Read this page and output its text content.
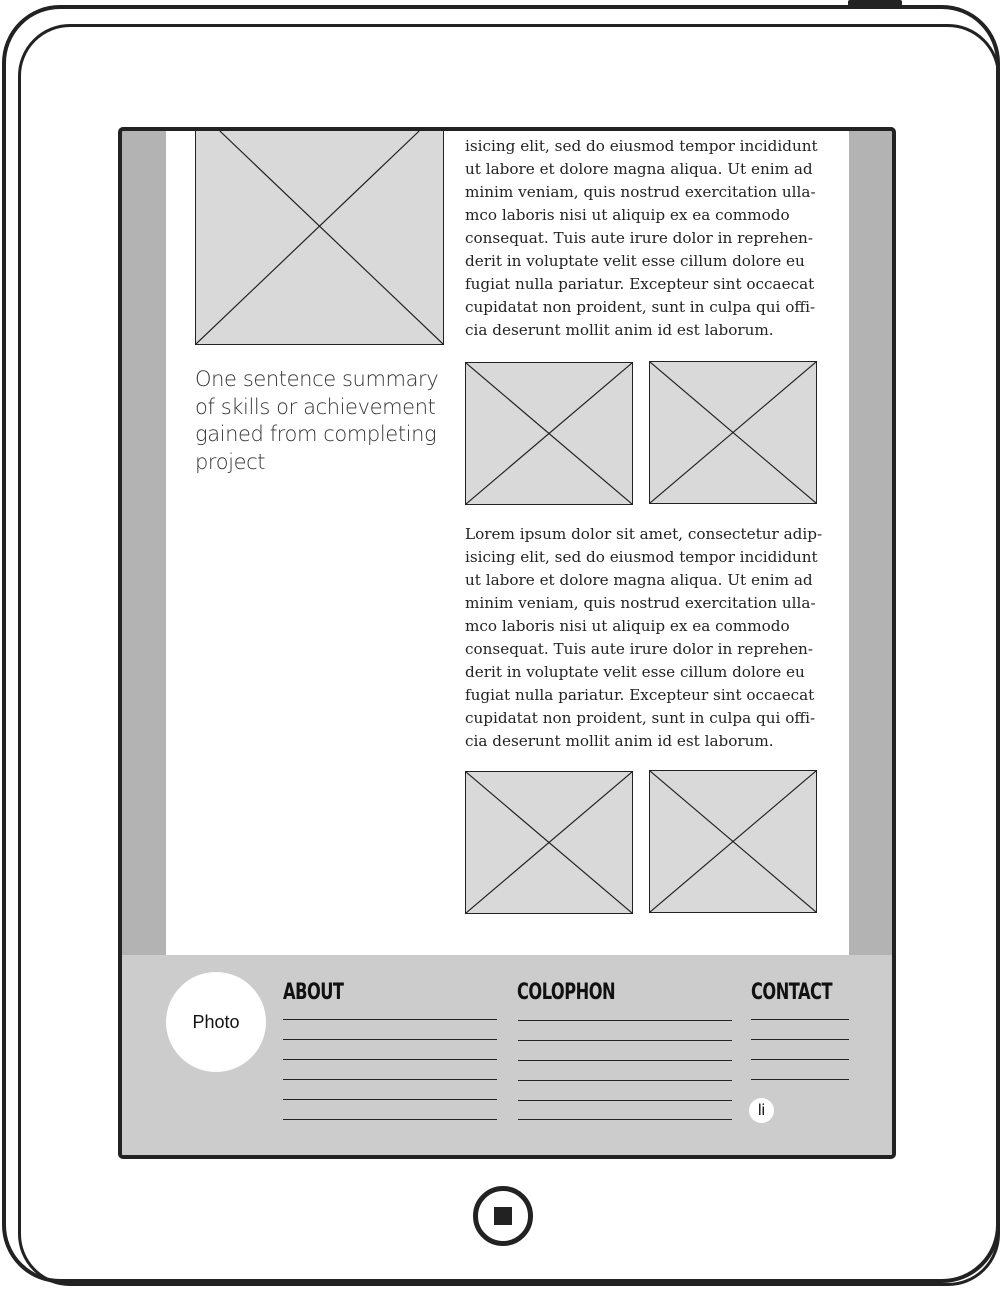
isicing elit, sed do eiusmod tempor incididunt ut labore et dolore magna aliqua. Ut enim ad minim veniam, quis nostrud exercitation ullamco laboris nisi ut aliquip ex ea commodo consequat. Tuis aute irure dolor in reprehenderit in voluptate velit esse cillum dolore eu fugiat nulla pariatur. Excepteur sint occaecat cupidatat non proident, sunt in culpa qui officia deserunt mollit anim id est laborum.

One sentence summary of skills or achievement gained from completing project

Lorem ipsum dolor sit amet, consectetur adipisicing elit, sed do eiusmod tempor incididunt ut labore et dolore magna aliqua. Ut enim ad minim veniam, quis nostrud exercitation ullamco laboris nisi ut aliquip ex ea commodo consequat. Tuis aute irure dolor in reprehenderit in voluptate velit esse cillum dolore eu fugiat nulla pariatur. Excepteur sint occaecat cupidatat non proident, sunt in culpa qui officia deserunt mollit anim id est laborum.

Photo
ABOUT	COLOPHON	CONTACT
li
